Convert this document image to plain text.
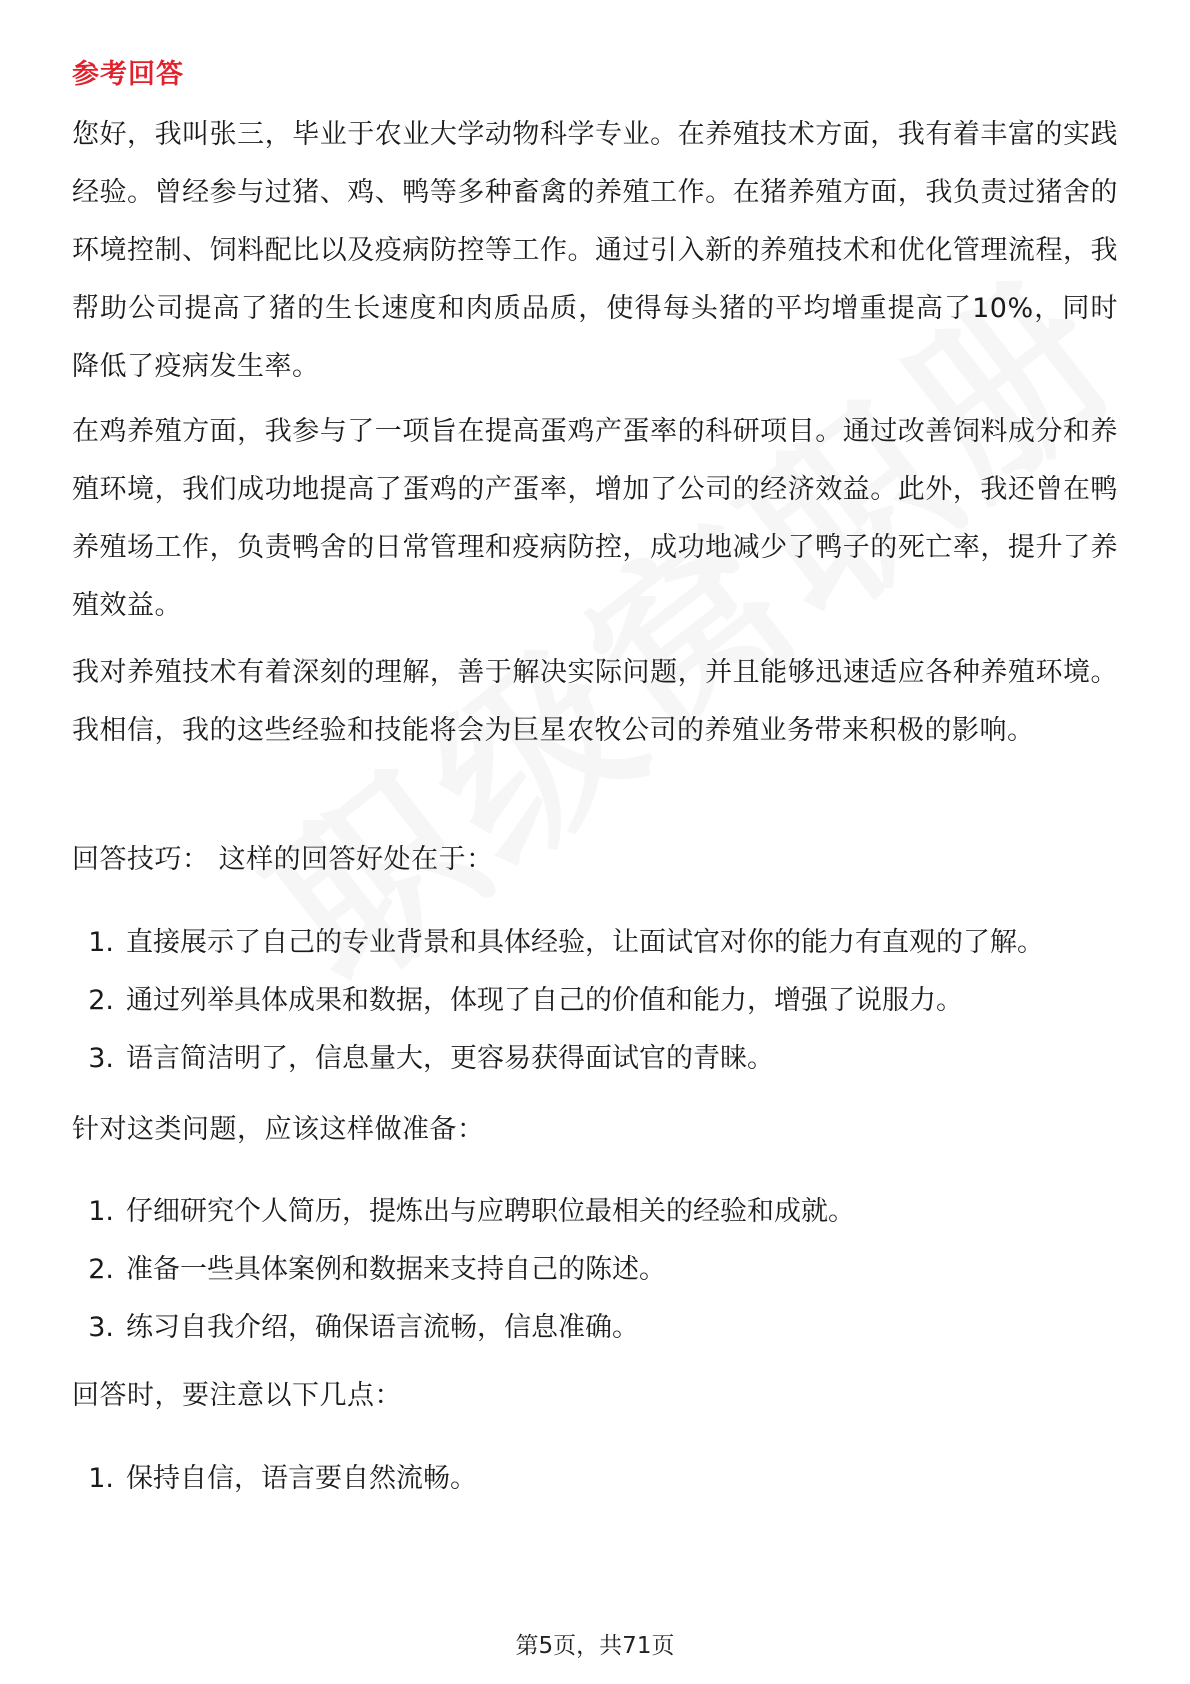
参考回答

您好，我叫张三，毕业于农业大学动物科学专业。在养殖技术方面，我有着丰富的实践经验。曾经参与过猪、鸡、鸭等多种畜禽的养殖工作。在猪养殖方面，我负责过猪舍的环境控制、饲料配比以及疫病防控等工作。通过引入新的养殖技术和优化管理流程，我帮助公司提高了猪的生长速度和肉质品质，使得每头猪的平均增重提高了10%，同时降低了疫病发生率。

在鸡养殖方面，我参与了一项旨在提高蛋鸡产蛋率的科研项目。通过改善饲料成分和养殖环境，我们成功地提高了蛋鸡的产蛋率，增加了公司的经济效益。此外，我还曾在鸭养殖场工作，负责鸭舍的日常管理和疫病防控，成功地减少了鸭子的死亡率，提升了养殖效益。

我对养殖技术有着深刻的理解，善于解决实际问题，并且能够迅速适应各种养殖环境。我相信，我的这些经验和技能将会为巨星农牧公司的养殖业务带来积极的影响。

回答技巧： 这样的回答好处在于：

1. 直接展示了自己的专业背景和具体经验，让面试官对你的能力有直观的了解。
2. 通过列举具体成果和数据，体现了自己的价值和能力，增强了说服力。
3. 语言简洁明了，信息量大，更容易获得面试官的青睐。

针对这类问题，应该这样做准备：

1. 仔细研究个人简历，提炼出与应聘职位最相关的经验和成就。
2. 准备一些具体案例和数据来支持自己的陈述。
3. 练习自我介绍，确保语言流畅，信息准确。

回答时，要注意以下几点：

1. 保持自信，语言要自然流畅。
第5页，共71页
